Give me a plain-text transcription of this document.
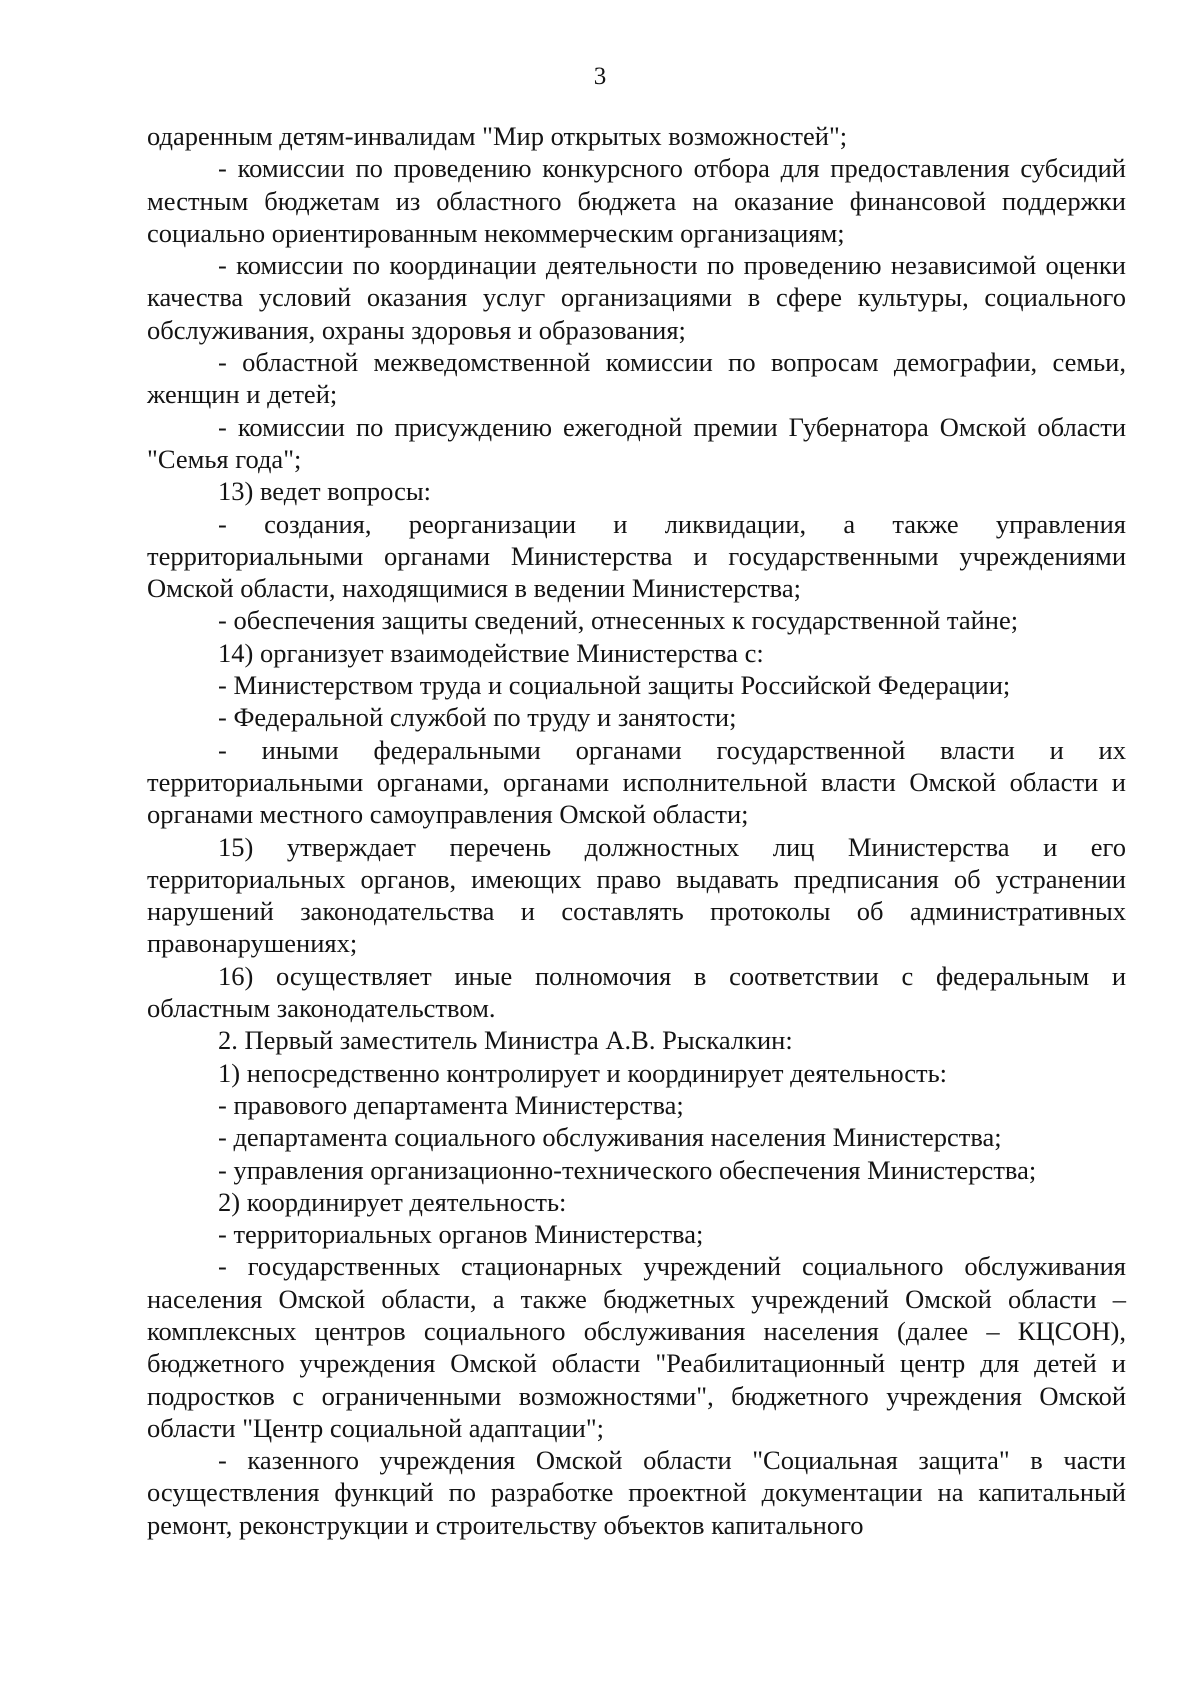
3

одаренным детям-инвалидам "Мир открытых возможностей";

- комиссии по проведению конкурсного отбора для предоставления субсидий местным бюджетам из областного бюджета на оказание финансовой поддержки социально ориентированным некоммерческим организациям;

- комиссии по координации деятельности по проведению независимой оценки качества условий оказания услуг организациями в сфере культуры, социального обслуживания, охраны здоровья и образования;

- областной межведомственной комиссии по вопросам демографии, семьи, женщин и детей;

- комиссии по присуждению ежегодной премии Губернатора Омской области "Семья года";

13) ведет вопросы:

- создания, реорганизации и ликвидации, а также управления территориальными органами Министерства и государственными учреждениями Омской области, находящимися в ведении Министерства;

- обеспечения защиты сведений, отнесенных к государственной тайне;

14) организует взаимодействие Министерства с:

- Министерством труда и социальной защиты Российской Федерации;

- Федеральной службой по труду и занятости;

- иными федеральными органами государственной власти и их территориальными органами, органами исполнительной власти Омской области и органами местного самоуправления Омской области;

15) утверждает перечень должностных лиц Министерства и его территориальных органов, имеющих право выдавать предписания об устранении нарушений законодательства и составлять протоколы об административных правонарушениях;

16) осуществляет иные полномочия в соответствии с федеральным и областным законодательством.

2. Первый заместитель Министра А.В. Рыскалкин:

1) непосредственно контролирует и координирует деятельность:

- правового департамента Министерства;

- департамента социального обслуживания населения Министерства;

- управления организационно-технического обеспечения Министерства;

2) координирует деятельность:

- территориальных органов Министерства;

- государственных стационарных учреждений социального обслуживания населения Омской области, а также бюджетных учреждений Омской области – комплексных центров социального обслуживания населения (далее – КЦСОН), бюджетного учреждения Омской области "Реабилитационный центр для детей и подростков с ограниченными возможностями", бюджетного учреждения Омской области "Центр социальной адаптации";

- казенного учреждения Омской области "Социальная защита" в части осуществления функций по разработке проектной документации на капитальный ремонт, реконструкции и строительству объектов капитального
